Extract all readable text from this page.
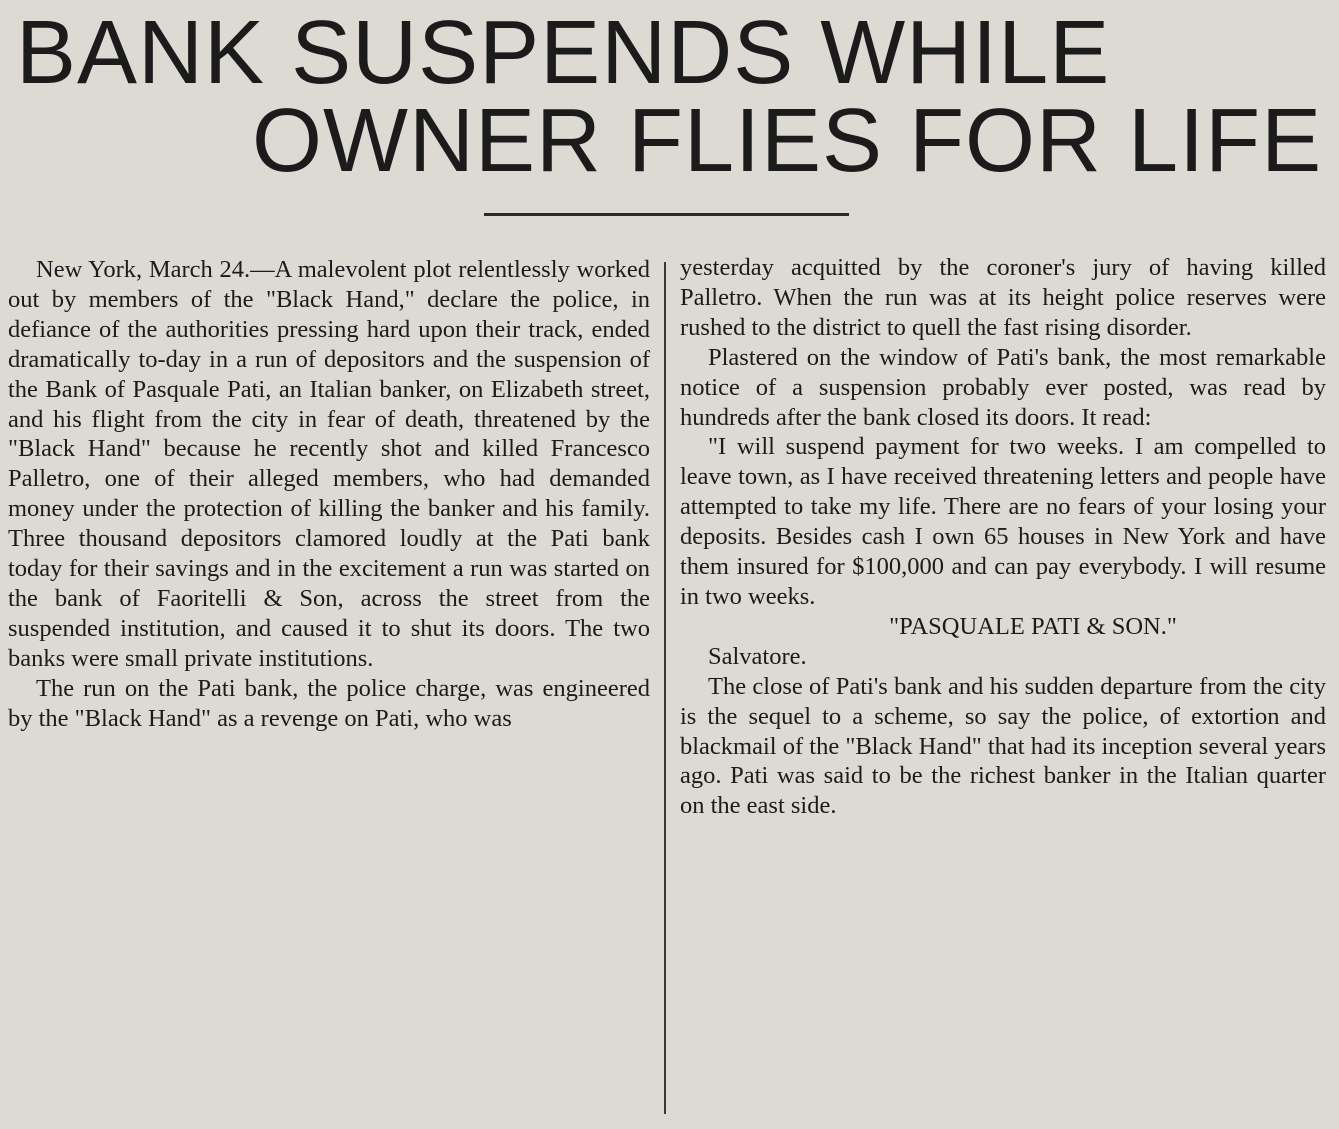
BANK SUSPENDS WHILE
OWNER FLIES FOR LIFE

New York, March 24.—A malevolent plot relentlessly worked out by members of the "Black Hand," declare the police, in defiance of the authorities pressing hard upon their track, ended dramatically to-day in a run of depositors and the suspension of the Bank of Pasquale Pati, an Italian banker, on Elizabeth street, and his flight from the city in fear of death, threatened by the "Black Hand" because he recently shot and killed Francesco Palletro, one of their alleged members, who had demanded money under the protection of killing the banker and his family. Three thousand depositors clamored loudly at the Pati bank today for their savings and in the excitement a run was started on the bank of Faoritelli & Son, across the street from the suspended institution, and caused it to shut its doors. The two banks were small private institutions.

The run on the Pati bank, the police charge, was engineered by the "Black Hand" as a revenge on Pati, who was

yesterday acquitted by the coroner's jury of having killed Palletro. When the run was at its height police reserves were rushed to the district to quell the fast rising disorder.

Plastered on the window of Pati's bank, the most remarkable notice of a suspension probably ever posted, was read by hundreds after the bank closed its doors. It read:

"I will suspend payment for two weeks. I am compelled to leave town, as I have received threatening letters and people have attempted to take my life. There are no fears of your losing your deposits. Besides cash I own 65 houses in New York and have them insured for $100,000 and can pay everybody. I will resume in two weeks.

"PASQUALE PATI & SON."

Salvatore.

The close of Pati's bank and his sudden departure from the city is the sequel to a scheme, so say the police, of extortion and blackmail of the "Black Hand" that had its inception several years ago. Pati was said to be the richest banker in the Italian quarter on the east side.
